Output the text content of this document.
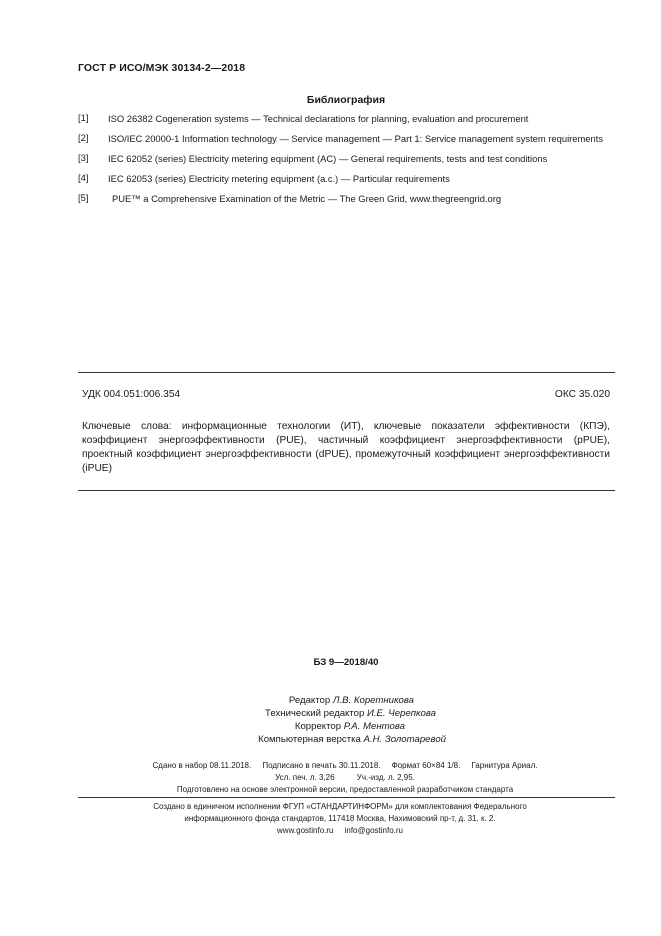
ГОСТ Р ИСО/МЭК 30134-2—2018
Библиография
[1]	ISO 26382 Cogeneration systems — Technical declarations for planning, evaluation and procurement
[2]	ISO/IEC 20000-1 Information technology — Service management — Part 1: Service management system requirements
[3]	IEC 62052 (series) Electricity metering equipment (AC) — General requirements, tests and test conditions
[4]	IEC 62053 (series) Electricity metering equipment (a.c.) — Particular requirements
[5]	PUE™ a Comprehensive Examination of the Metric — The Green Grid, www.thegreengrid.org
УДК 004.051:006.354	ОКС 35.020
Ключевые слова: информационные технологии (ИТ), ключевые показатели эффективности (КПЭ), коэффициент энергоэффективности (PUE), частичный коэффициент энергоэффективности (pPUE), проектный коэффициент энергоэффективности (dPUE), промежуточный коэффициент энергоэффективности (iPUE)
БЗ 9—2018/40
Редактор Л.В. Коретникова
Технический редактор И.Е. Черепкова
Корректор Р.А. Ментова
Компьютерная верстка А.Н. Золотаревой
Сдано в набор 08.11.2018.     Подписано в печать 30.11.2018.     Формат 60×84 1/8.     Гарнитура Ариал.
Усл. печ. л. 3,26          Уч.-изд. л. 2,95.
Подготовлено на основе электронной версии, предоставленной разработчиком стандарта
Создано в единичном исполнении ФГУП «СТАНДАРТИНФОРМ» для комплектования Федерального
информационного фонда стандартов, 117418 Москва, Нахимовский пр-т, д. 31, к. 2.
www.gostinfo.ru     info@gostinfo.ru
